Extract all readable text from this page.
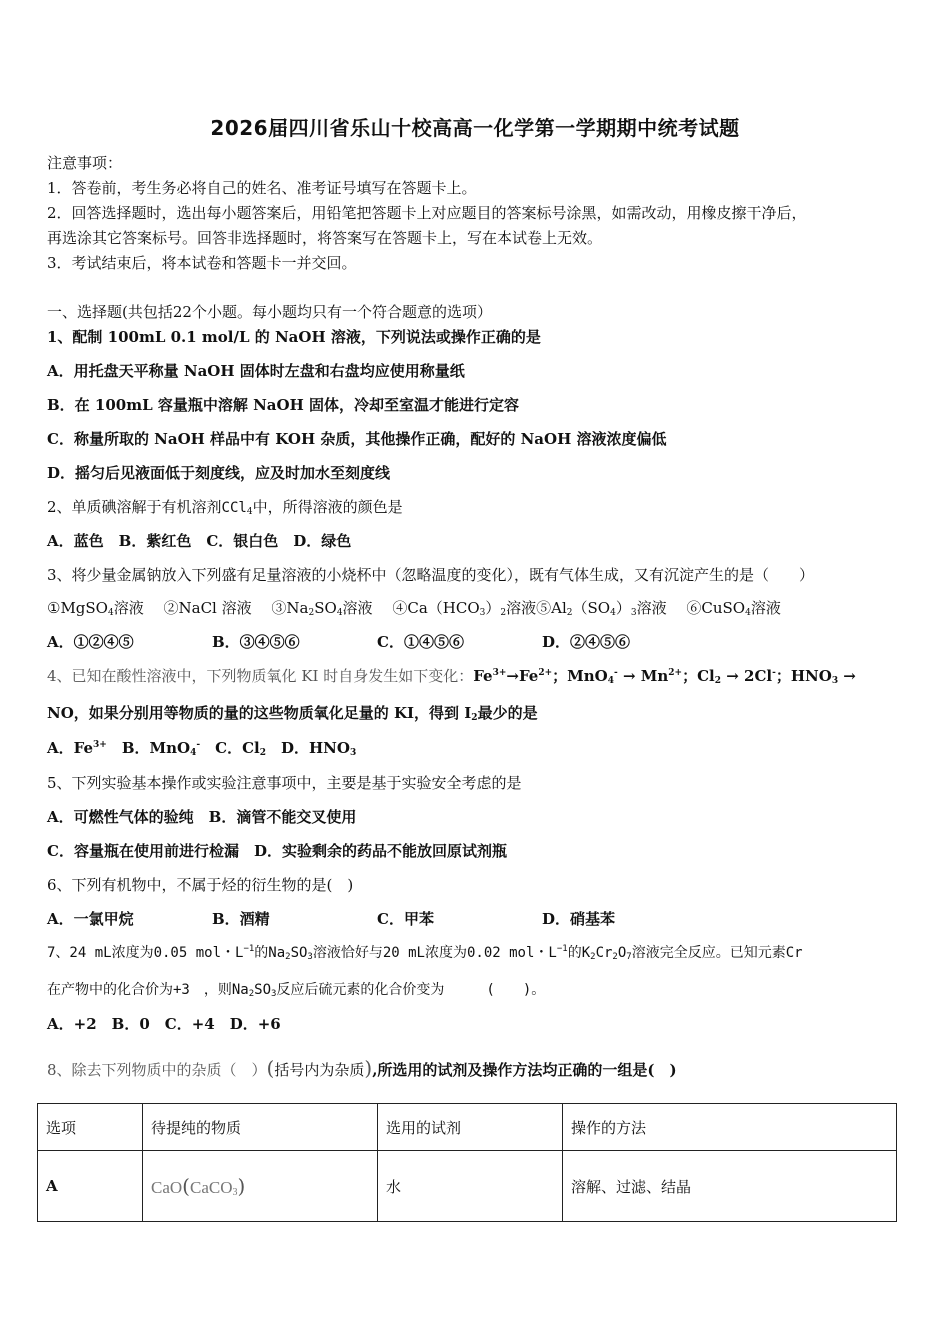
2026届四川省乐山十校高高一化学第一学期期中统考试题
注意事项：
1．答卷前，考生务必将自己的姓名、准考证号填写在答题卡上。
2．回答选择题时，选出每小题答案后，用铅笔把答题卡上对应题目的答案标号涂黑，如需改动，用橡皮擦干净后，
再选涂其它答案标号。回答非选择题时，将答案写在答题卡上，写在本试卷上无效。
3．考试结束后，将本试卷和答题卡一并交回。
一、选择题(共包括22个小题。每小题均只有一个符合题意的选项）
1、配制 100mL 0.1 mol/L 的 NaOH 溶液，下列说法或操作正确的是
A．用托盘天平称量 NaOH 固体时左盘和右盘均应使用称量纸
B．在 100mL 容量瓶中溶解 NaOH 固体，冷却至室温才能进行定容
C．称量所取的 NaOH 样品中有 KOH 杂质，其他操作正确，配好的 NaOH 溶液浓度偏低
D．摇匀后见液面低于刻度线，应及时加水至刻度线
2、单质碘溶解于有机溶剂CCl$_4$中，所得溶液的颜色是
A．蓝色　B．紫红色　C．银白色　D．绿色
3、将少量金属钠放入下列盛有足量溶液的小烧杯中（忽略温度的变化），既有气体生成，又有沉淀产生的是（　　）
①MgSO$_4$溶液　 ②NaCl 溶液　 $③Na_2SO_4$溶液　 $④Ca(HCO_3)_2$溶液$⑤Al_2(SO_4)_3$溶液　 ⑥CuSO$_4$溶液
A．①②④⑤	B．③④⑤⑥	C．①④⑤⑥	D．②④⑤⑥
4、已知在酸性溶液中，下列物质氧化 KI 时自身发生如下变化：$Fe^{3+}\to Fe^{2+}$；$MnO_4^- \to Mn^{2+}$；$Cl_2 \to 2Cl^-$；$HNO_3$ →
NO，如果分别用等物质的量的这些物质氧化足量的 KI，得到 $I_2$最少的是
A．$Fe^{3+}$　 B．MnO$_4$-　 C．$Cl_2$　 D．$HNO_3$
5、下列实验基本操作或实验注意事项中，主要是基于实验安全考虑的是
A．可燃性气体的验纯　B．滴管不能交叉使用
C．容量瓶在使用前进行检漏　D．实验剩余的药品不能放回原试剂瓶
6、下列有机物中，不属于烃的衍生物的是(　)
A．一氯甲烷	B．酒精	C．甲苯	D．硝基苯
7、24 mL浓度为0.05 mol・$L^{-1}$的$Na_2SO_3$溶液恰好与20 mL浓度为0.02 mol・$L^{-1}$的$K_2Cr_2O_7$溶液完全反应。已知元素Cr
在产物中的化合价为+3　，则$Na_2SO_3$反应后硫元素的化合价变为　　　(　　)。
A．+2　B．0　C．+4　D．+6
8、除去下列物质中的杂质（　）(括号内为杂质),所选用的试剂及操作方法均正确的一组是(　)
选项	待提纯的物质	选用的试剂	操作的方法
A	CaO(CaCO$_3$)	水	溶解、过滤、结晶
